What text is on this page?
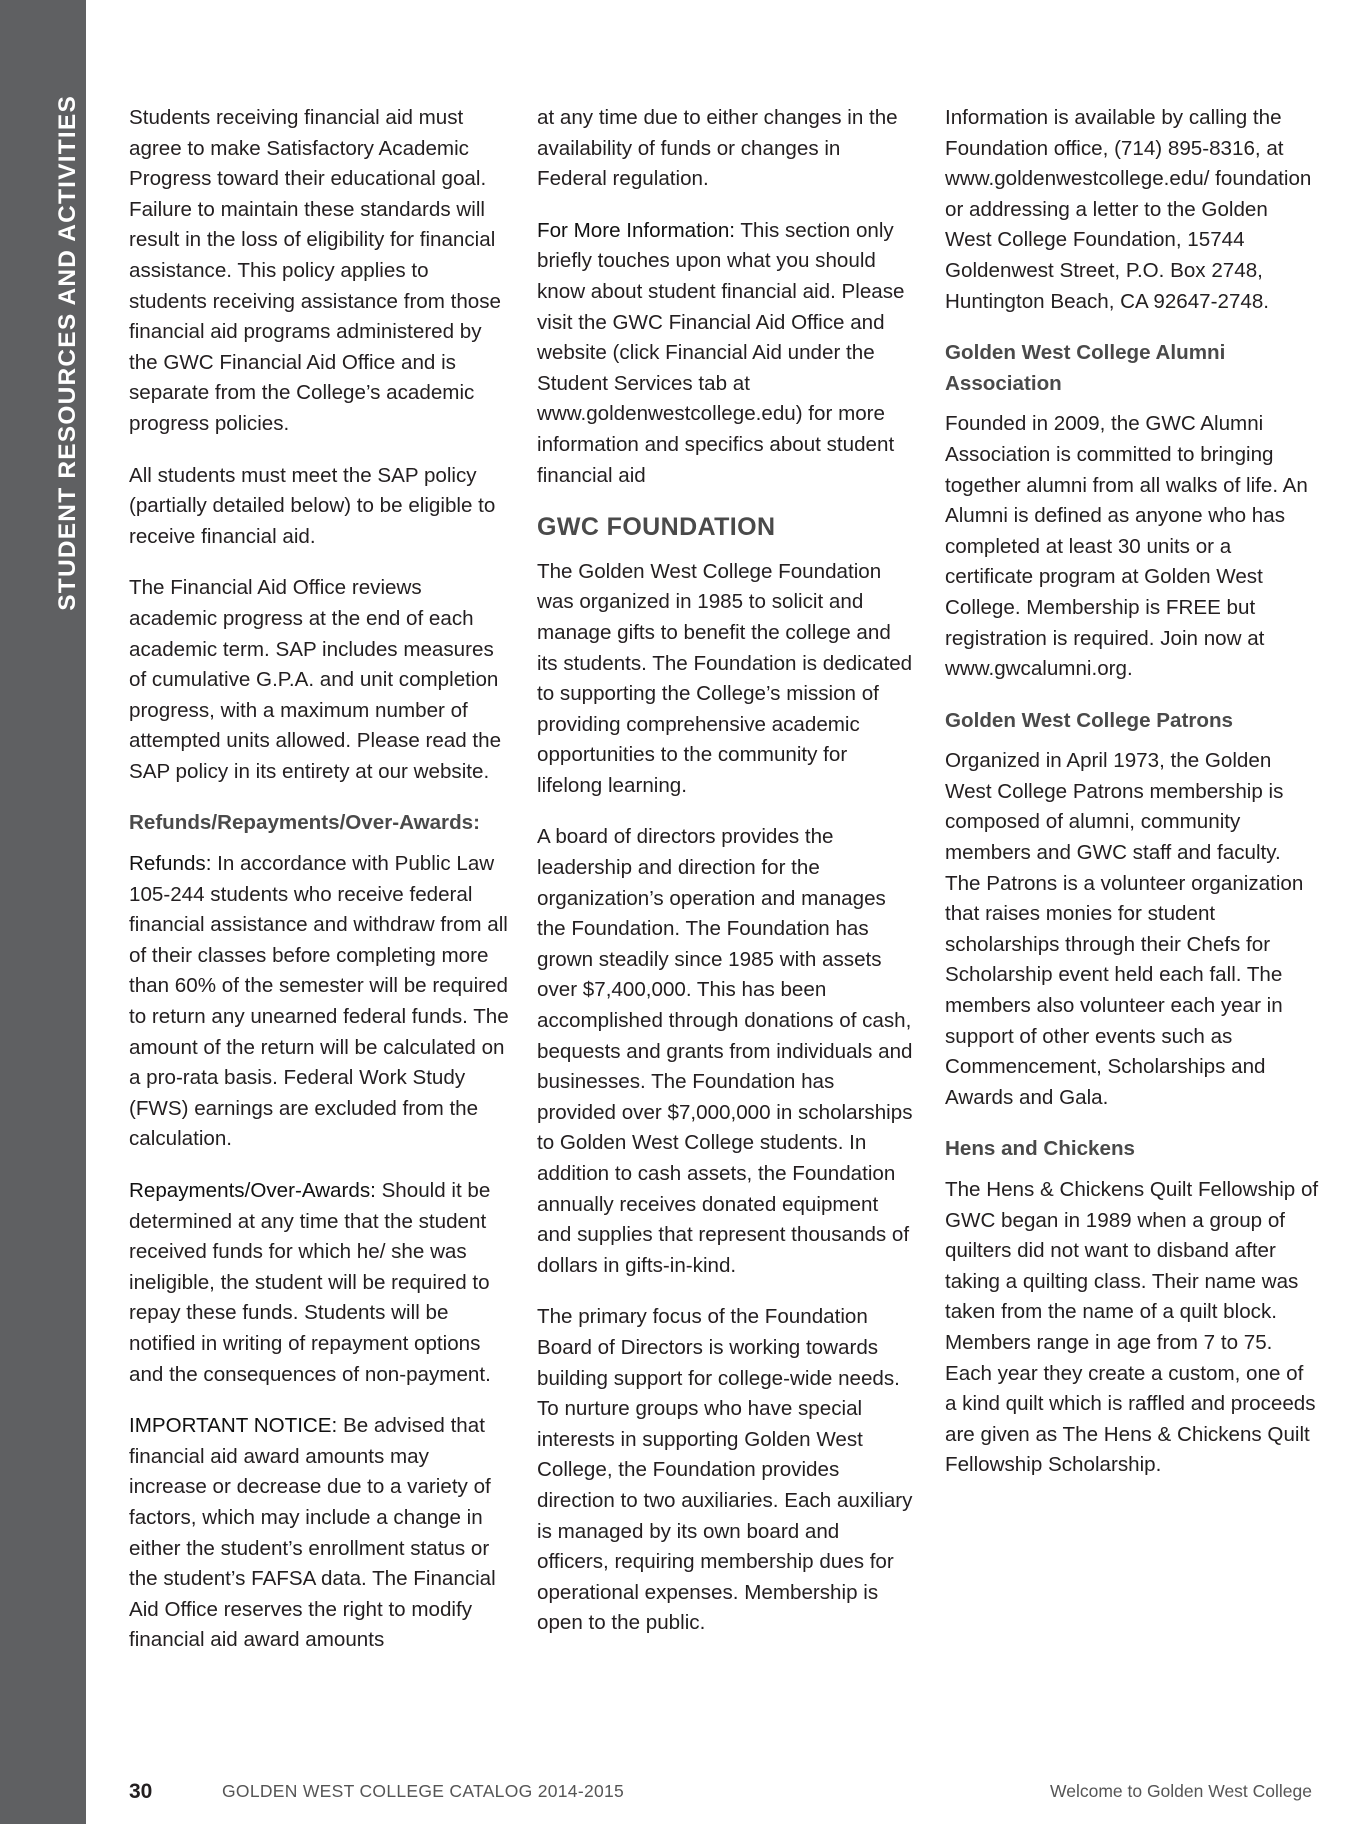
STUDENT RESOURCES AND ACTIVITIES Students receiving financial aid must agree to make Satisfactory Academic Progress toward their educational goal. Failure to maintain these standards will result in the loss of eligibility for financial assistance. This policy applies to students receiving assistance from those financial aid programs administered by the GWC Financial Aid Office and is separate from the College’s academic progress policies.

All students must meet the SAP policy (partially detailed below) to be eligible to receive financial aid.

The Financial Aid Office reviews academic progress at the end of each academic term. SAP includes measures of cumulative G.P.A. and unit completion progress, with a maximum number of attempted units allowed. Please read the SAP policy in its entirety at our website.

Refunds/Repayments/Over-Awards:

Refunds: In accordance with Public Law 105-244 students who receive federal financial assistance and withdraw from all of their classes before completing more than 60% of the semester will be required to return any unearned federal funds. The amount of the return will be calculated on a pro-rata basis. Federal Work Study (FWS) earnings are excluded from the calculation.

Repayments/Over-Awards: Should it be determined at any time that the student received funds for which he/ she was ineligible, the student will be required to repay these funds. Students will be notified in writing of repayment options and the consequences of non-payment.

IMPORTANT NOTICE: Be advised that financial aid award amounts may increase or decrease due to a variety of factors, which may include a change in either the student’s enrollment status or the student’s FAFSA data. The Financial Aid Office reserves the right to modify financial aid award amounts

at any time due to either changes in the availability of funds or changes in Federal regulation.

For More Information: This section only briefly touches upon what you should know about student financial aid. Please visit the GWC Financial Aid Office and website (click Financial Aid under the Student Services tab at www.goldenwestcollege.edu) for more information and specifics about student financial aid

GWC FOUNDATION

The Golden West College Foundation was organized in 1985 to solicit and manage gifts to benefit the college and its students. The Foundation is dedicated to supporting the College’s mission of providing comprehensive academic opportunities to the community for lifelong learning.

A board of directors provides the leadership and direction for the organization’s operation and manages the Foundation. The Foundation has grown steadily since 1985 with assets over $7,400,000. This has been accomplished through donations of cash, bequests and grants from individuals and businesses. The Foundation has provided over $7,000,000 in scholarships to Golden West College students. In addition to cash assets, the Foundation annually receives donated equipment and supplies that represent thousands of dollars in gifts-in-kind.

The primary focus of the Foundation Board of Directors is working towards building support for college-wide needs. To nurture groups who have special interests in supporting Golden West College, the Foundation provides direction to two auxiliaries. Each auxiliary is managed by its own board and officers, requiring membership dues for operational expenses. Membership is open to the public.

Information is available by calling the Foundation office, (714) 895-8316, at www.goldenwestcollege.edu/ foundation or addressing a letter to the Golden West College Foundation, 15744 Goldenwest Street, P.O. Box 2748, Huntington Beach, CA 92647-2748.

Golden West College Alumni Association

Founded in 2009, the GWC Alumni Association is committed to bringing together alumni from all walks of life. An Alumni is defined as anyone who has completed at least 30 units or a certificate program at Golden West College. Membership is FREE but registration is required. Join now at www.gwcalumni.org.

Golden West College Patrons

Organized in April 1973, the Golden West College Patrons membership is composed of alumni, community members and GWC staff and faculty. The Patrons is a volunteer organization that raises monies for student scholarships through their Chefs for Scholarship event held each fall. The members also volunteer each year in support of other events such as Commencement, Scholarships and Awards and Gala.

Hens and Chickens

The Hens & Chickens Quilt Fellowship of GWC began in 1989 when a group of quilters did not want to disband after taking a quilting class. Their name was taken from the name of a quilt block. Members range in age from 7 to 75. Each year they create a custom, one of a kind quilt which is raffled and proceeds are given as The Hens & Chickens Quilt Fellowship Scholarship.

30	GOLDEN WEST COLLEGE CATALOG 2014-2015	Welcome to Golden West College
